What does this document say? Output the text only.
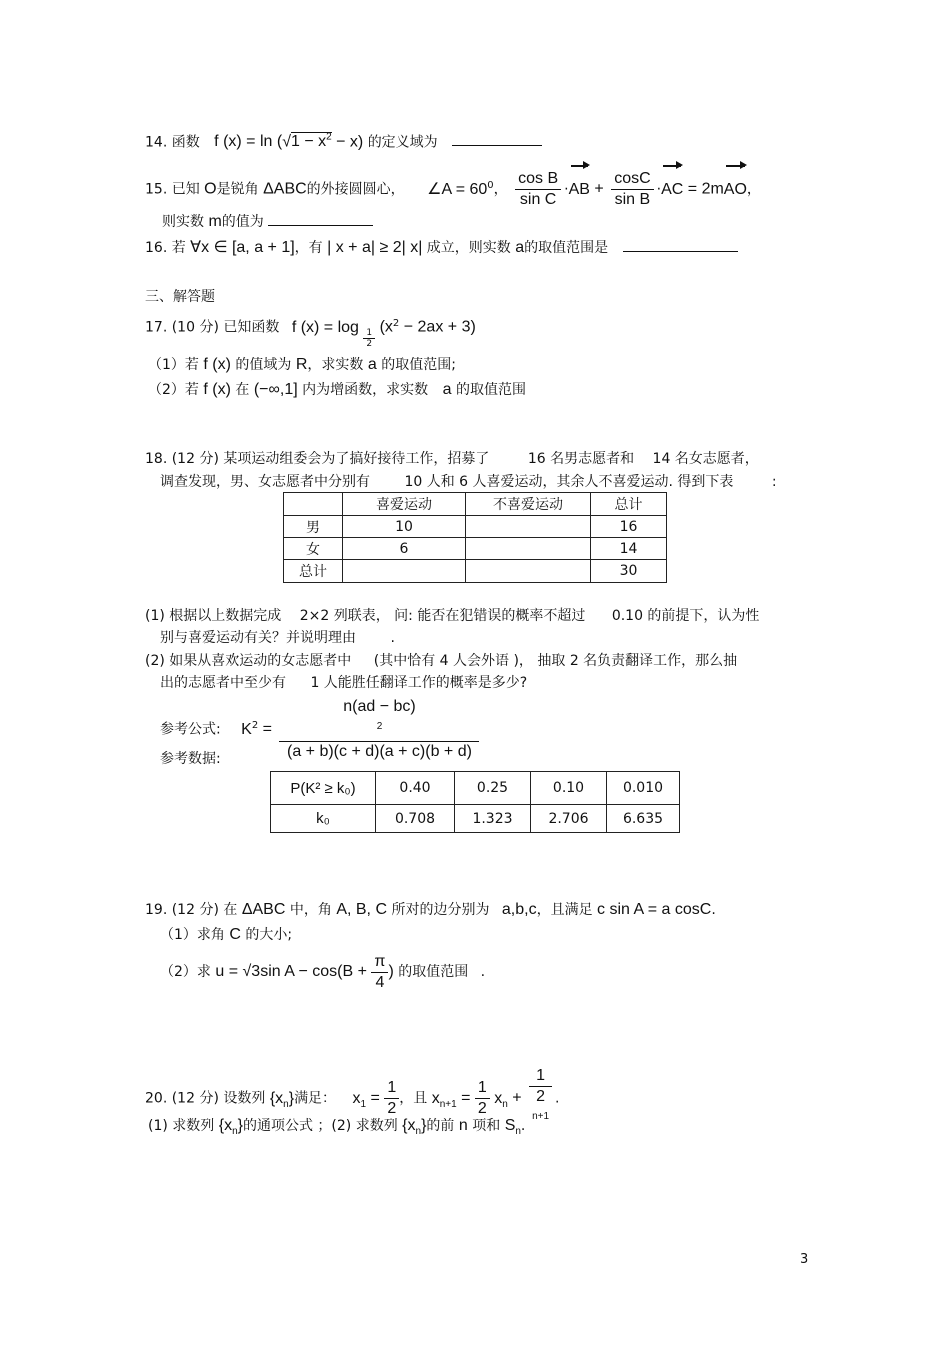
14. 函数 f $(x) = \ln (√1 - x^2 - x)$ 的定义域为
15. 已知 O是锐角 ΔABC的外接圆圆心， ∠A = $60^0$， $\frac{\text{cos B}}{\text{sin C}} \cdot AB + \frac{\cos C}{\text{sin B}} \cdot AC = 2mAO$，
则实数 m的值为
16. 若 ∀x ∈ [a, a + 1]，有 | x + a| ≥ 2| x| 成立，则实数 a的取值范围是
三、解答题
17. (10 分) 已知函数 f (x) = log
$\frac{1}{2}$
$(x^2 - 2ax + 3)$
（1）若 f (x) 的值域为 R，求实数 a 的取值范围;
（2）若 f (x) 在 (−∞,1] 内为增函数，求实数 a 的取值范围
18. (12 分) 某项运动组委会为了搞好接待工作，招募了	16 名男志愿者和 14 名女志愿者，
调查发现，男、女志愿者中分别有 10 人和 6 人喜爱运动，其余人不喜爱运动. 得到下表	:
	喜爱运动	不喜爱运动	总计
男	10		16
女	6		14
总计			30
(1) 根据以上数据完成 2×2 列联表， 问: 能否在犯错误的概率不超过 0.10 的前提下，认为性
别与喜爱运动有关？并说明理由 .
(2) 如果从喜欢运动的女志愿者中 (其中恰有 4 人会外语 )， 抽取 2 名负责翻译工作，那么抽
出的志愿者中至少有 1 人能胜任翻译工作的概率是多少?
参考公式: $K^2 = n(ad - bc)$
$^2$
(a + b)(c + d)(a + c)(b + d)
参考数据:
P(K² ≥ k₀)	0.40	0.25	0.10	0.010
k₀	0.708	1.323	2.706	6.635
19. (12 分) 在 ΔABC 中，角 A, B, C 所对的边分别为 a,b,c，且满足 c sin A = a cosC.
（1）求角 C 的大小;
（2）求 u = √3sin $A - \cos(B + \frac{\pi}{4}$ ) 的取值范围 .
20. (12 分) 设数列 $\{x_n\}$满足： $x_1 = \frac{1}{2}$ ，且 $x_{n+1} = \frac{1}{2} x_n + 1$
2
$^{n+1}$ .
(1) 求数列 $\{x_n\}$的通项公式 ；(2) 求数列 $\{x_n\}$的前 n 项和 $S_n$.
3
